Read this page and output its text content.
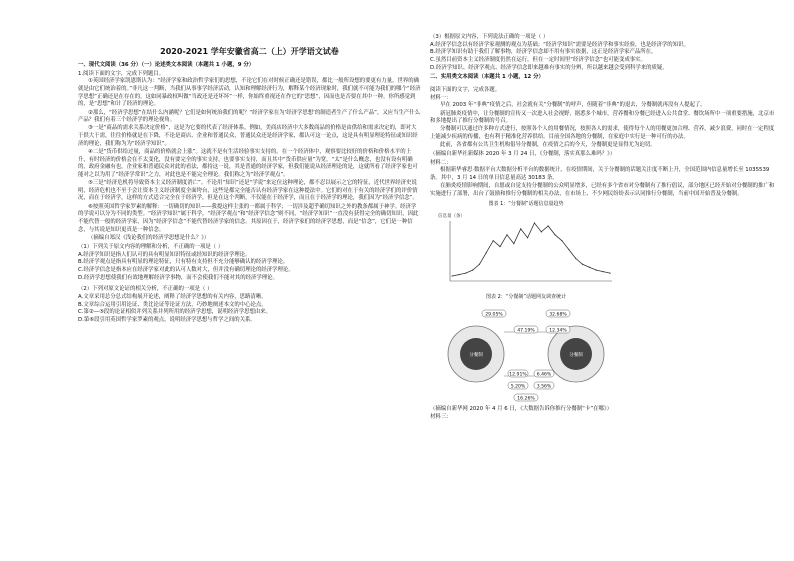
2020-2021 学年安徽省高二（上）开学语文试卷
一、现代文阅读（36 分）（一）论述类文本阅读（本题共 1 小题，9 分）
1.阅读下面的文字，完成下列题目。
①英国经济学家凯恩斯认为：“经济学家和政治哲学家们的思想，不论它们在对时候正确还是错误，都比一般所设想的要更有力量，世界的确就是由它们统治着的。”非凡这一判断，当我们从事事学经济活动，认知和理解经济行为，解释某个经济现象时，我们就不可能为我们的哪个“经济学思想”正确还是在存在的，这如同暴政权叫做“当政还是还坏坏”一样，你始终重视还在作它的“思想”，因而也是否要在其中一种。你所感觉到的，是“思想”和计了经济的理论。
②那么，“经济学思想”在结什么内涵呢？它们是如何统治我们的呢？“经济学家在为‘经济学思想’的制造者生产了什么产品”，又应当生产什么产品？我们有着三个经济学的理论视角。
③一是“商品的需求关系决定价格”，这是为它要的代表了经济体系。例如，美商店经济中大多数商品的价格是由供给和需求决定的，即对大于供大于需，往往价格就是在下降，不论是商店、企业和普通民众，普通民众还是经济学家，都认可这一论点，这是具有明显理论特征或知识经济的理论，我们称为为“经济学知识”。
④二是“货币供给过量，商品的价格就会上涨”。这就不是有生活经验事实支持的。在一个经济体中，观察要比较好的价格和价格水平的上升，有时经济的价格会在不太变化，没有要完全的事实支持，也要事实支持，而且其中“货币供应量”为宽，“太”是什么概念，也没有设有明确的，政府金融有也，企业家和普通民众对此的看法，都持这一说，其是普通的经济学家，但我们能说从经济理论的是，这就所看了经济学家也可能对之以为用了“经济学常识”之力，对此也是不能完全理论。我们称之为“经济学观点”。
⑤三是“经济危机将导致资本主义经济制度消亡”。不论用“知识”还是“学说”来定位这种理论，都不忍以展示之它的特征，近代世界经济史说明，经济危机也不至于会让资本主义经济制度全面垮台，这些是都完全能否认有经济学家在这种提法中。它们的对在于有关的经济学们的评价情况，而在于经济学，这样的方式适合完全在于经济学，但是在这个判断，不仅能在于经济学，而且在于经济学的理论，我们因为“经济学信念”。
⑥按照英国哲学家罗素的解释：一切确切的知识——我提这样主张的一都属于科学；一切涉及超乎确切知识之外的教条都属于神学。经济学的学说可以分为不同的类型。“经济学知识”属于科学，“经济学观点”和“经济学信念”则不同，“经济学知识”一直没有获得完全的确切知识，因此不能代替一般的经济学家，因为“经济学信念”不能代替经济学家的信念。其原因在于，经济学家们的经济学思想，而是“信念”，它们是一种信念，与其说是知识更真是一种信念。
（摘编自郑汉《浅论我们的经济学思想是什么？》）
（1）下列关于原文内容的理解和分析，不正确的一项是（ ）
A.经济学知识是指人们认可的具有明显知识特征或经知识的经济学理论。
B.经济学观点是指具有明显的理论特征，只有特有支持但不充分能够确认的经济学理论。
C.经济学信念是指本应在经济学家对此的认可人数对大，但并没有确切理论的经济学理论。
D.经济学思想使我们有效地理解经济学事物，而不会使我们不能对其的经济学理论。
（2）下列对原文论证的相关分析，不正确的一项是（ ）
A.文章采用总分总式结构展开论述，阐释了经济学思想的有关内容，思路清晰。
B.文章综合运用引用论证、类比论证等论证方法，巧妙地阐述本文的中心论点。
C.第②—⑤段的论证相似并列关系并列所用的经济学思想，说明经济学思想由来。
D.第⑥段引用英国哲学家罗素的观点，说明经济学思想与哲学之间的关系。
（3）根据原文内容，下列说法正确的一项是（ ）
A.经济学信念以有经济学家观测的观点为基础；“经济学知识”需要是经济学和事实经验，也是经济学的知识。
B.经济学知识有助于我们了解事物，经济学信念却不用有事实依据，这正是经济学家产品所在。
C.虽然目前资本主义经济制度仍然在运行，但在一定时间里“经济学信念”也可能变成事实。
D.经济学知识、经济学观点、经济学信念即来越难有事实的分辨，所以越来越会受到科学来的质疑。
二、实用类文本阅读（本题共 1 小题，12 分）
阅读下面的文字，完成各题。
材料一：
早在 2003 年“非典”疫情之后，社会就有关“分餐制”的呼声，但随着“非典”的退去，分餐制就再没有人提起了。
新冠肺炎疫情中，让分餐制的宣传又一次进入社会视野，据悉多个城市，营养餐和分餐已经进入公共食堂、餐饮场所中一项重要措施，北京市和多地提出了推行分餐制的号召。
分餐制可以通过许多种方式进行，按照各个人的用餐情况，按照各人的需求，使得每个人的用餐更加合理、营养，减少浪费，同时在一定程度上能减少疾病的传播，也有利于精准化营养供给。目前全国各地的分餐制，在家庭中实行是一种可行的办法。
此前，各省都有公共卫生机构倡导分餐制，在疫情之后的今天，分餐制更是显得尤为迫切。
（摘编自新华社新媒体 2020 年 3 月 24 日，《分餐制，落实真那么难吗？》）
材料二：
根据新华睿思·数据平台大数据分析平台的数据统计，在疫情期间，关于分餐制的话题关注度不断上升，全国范围内信息量增长至 1035539 条。其中，3 月 14 日的单日信息量高达 30183 条。
在肺炎疫情影响期间，自愿或自觉支持分餐制的公众明显增多，已经有多个省市对分餐制有了推行倡议，部分地区已经开始对分餐制的推广和实施进行了部署，出台了鼓励和推行分餐制的相关办法，在市场上、不少网民纷纷表示认同推行分餐制，当前中国开始普及分餐制。
图表 1：“分餐制”话题信息量趋势
信息量（条）
图表 2：“分餐制”话题网友调查统计
分餐制	分餐制
29.05%	32.68%
47.19%	12.34%
12.91% 6.46%
5.20% 3.56%
16.26%
（摘编自新华网 2020 年 4 月 6 日，《大数据告诉你推行分餐制“卡”在哪》）
材料三：
